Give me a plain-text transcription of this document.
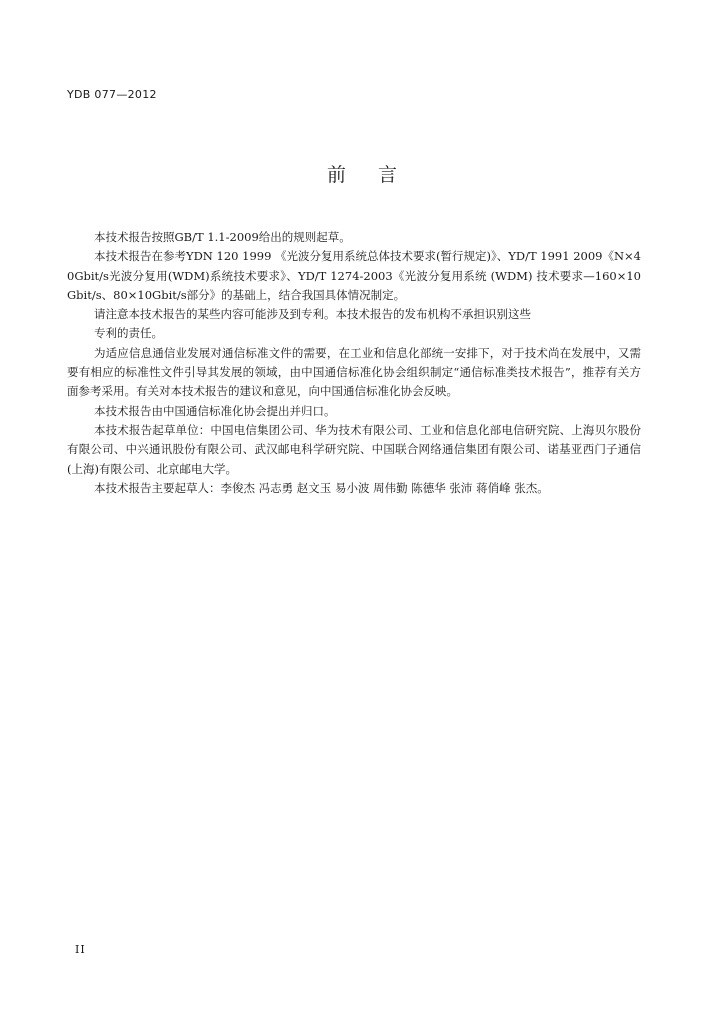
YDB 077—2012
前言

本技术报告按照GB/T 1.1-2009给出的规则起草。

本技术报告在参考YDN 120 1999 《光波分复用系统总体技术要求(暂行规定)》、YD/T 1991 2009《N×40Gbit/s光波分复用(WDM)系统技术要求》、YD/T 1274-2003《光波分复用系统 (WDM) 技术要求—160×10Gbit/s、80×10Gbit/s部分》的基础上，结合我国具体情况制定。

请注意本技术报告的某些内容可能涉及到专利。本技术报告的发布机构不承担识别这些

专利的责任。

为适应信息通信业发展对通信标准文件的需要，在工业和信息化部统一安排下，对于技术尚在发展中，又需要有相应的标准性文件引导其发展的领域，由中国通信标准化协会组织制定“通信标准类技术报告”，推荐有关方面参考采用。有关对本技术报告的建议和意见，向中国通信标准化协会反映。

本技术报告由中国通信标准化协会提出并归口。

本技术报告起草单位：中国电信集团公司、华为技术有限公司、工业和信息化部电信研究院、上海贝尔股份有限公司、中兴通讯股份有限公司、武汉邮电科学研究院、中国联合网络通信集团有限公司、诺基亚西门子通信(上海)有限公司、北京邮电大学。

本技术报告主要起草人：李俊杰 冯志勇 赵文玉 易小波 周伟勤 陈德华 张沛 蒋俏峰 张杰。

II
